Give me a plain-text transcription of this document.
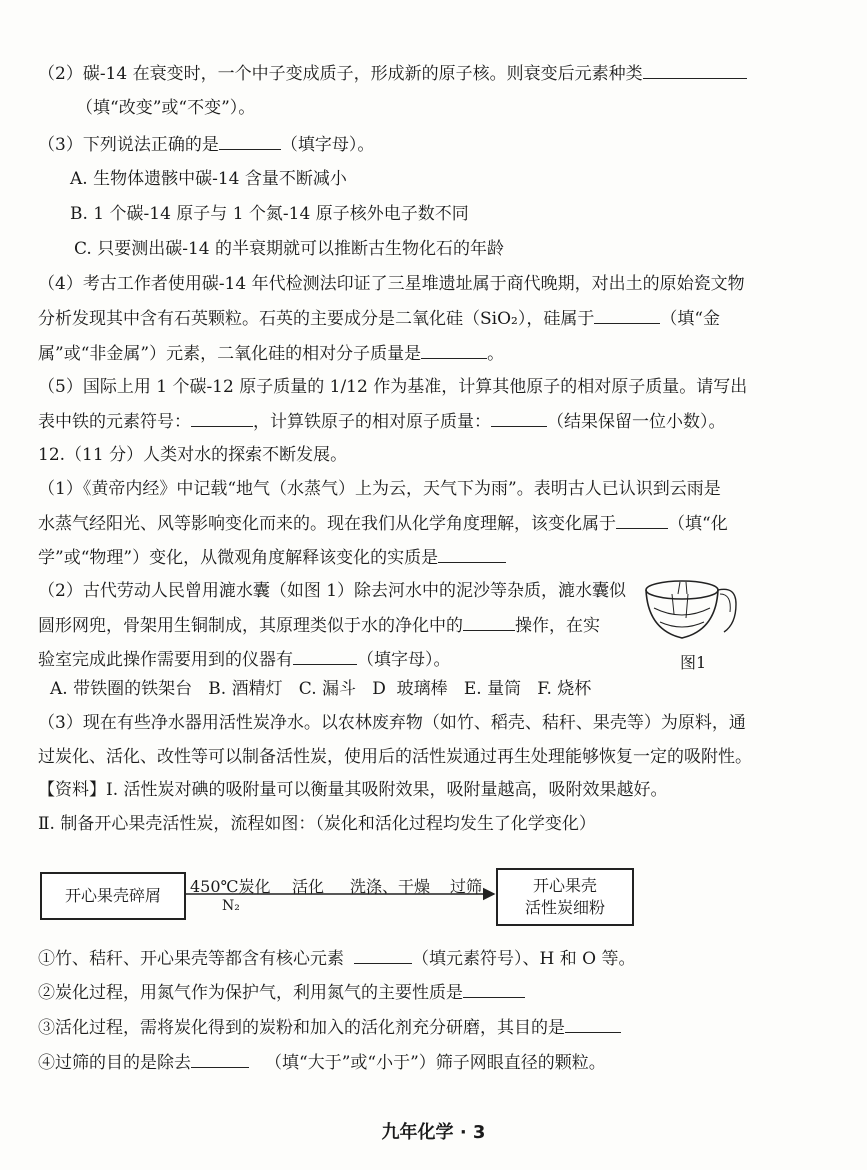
（2）碳-14 在衰变时，一个中子变成质子，形成新的原子核。则衰变后元素种类
（填“改变”或“不变”）。
（3）下列说法正确的是	（填字母）。
A. 生物体遗骸中碳-14 含量不断减小
B. 1 个碳-14 原子与 1 个氮-14 原子核外电子数不同
C. 只要测出碳-14 的半衰期就可以推断古生物化石的年龄
（4）考古工作者使用碳-14 年代检测法印证了三星堆遗址属于商代晚期，对出土的原始瓷文物
分析发现其中含有石英颗粒。石英的主要成分是二氧化硅（SiO₂），硅属于	（填“金
属”或“非金属”）元素，二氧化硅的相对分子质量是	。
（5）国际上用 1 个碳-12 原子质量的 1/12 作为基准，计算其他原子的相对原子质量。请写出
表中铁的元素符号：	，计算铁原子的相对原子质量：	（结果保留一位小数）。
12.（11 分）人类对水的探索不断发展。
（1）《黄帝内经》中记载“地气（水蒸气）上为云，天气下为雨”。表明古人已认识到云雨是
水蒸气经阳光、风等影响变化而来的。现在我们从化学角度理解，该变化属于	（填“化
学”或“物理”）变化，从微观角度解释该变化的实质是
（2）古代劳动人民曾用漉水囊（如图 1）除去河水中的泥沙等杂质，漉水囊似
圆形网兜，骨架用生铜制成，其原理类似于水的净化中的	操作，在实
验室完成此操作需要用到的仪器有	（填字母）。	图1
A. 带铁圈的铁架台   B. 酒精灯   C. 漏斗   D  玻璃棒   E. 量筒   F. 烧杯
（3）现在有些净水器用活性炭净水。以农林废弃物（如竹、稻壳、秸秆、果壳等）为原料，通
过炭化、活化、改性等可以制备活性炭，使用后的活性炭通过再生处理能够恢复一定的吸附性。
【资料】Ⅰ. 活性炭对碘的吸附量可以衡量其吸附效果，吸附量越高，吸附效果越好。
Ⅱ. 制备开心果壳活性炭，流程如图：（炭化和活化过程均发生了化学变化）
开心果壳碎屑 450℃炭化
N₂
活化 洗涤、干燥 过筛	开心果壳
活性炭细粉
①竹、秸秆、开心果壳等都含有核心元素	（填元素符号）、H 和 O 等。
②炭化过程，用氮气作为保护气，利用氮气的主要性质是
③活化过程，需将炭化得到的炭粉和加入的活化剂充分研磨，其目的是
④过筛的目的是除去	（填“大于”或“小于”）筛子网眼直径的颗粒。
九年化学 · 3
